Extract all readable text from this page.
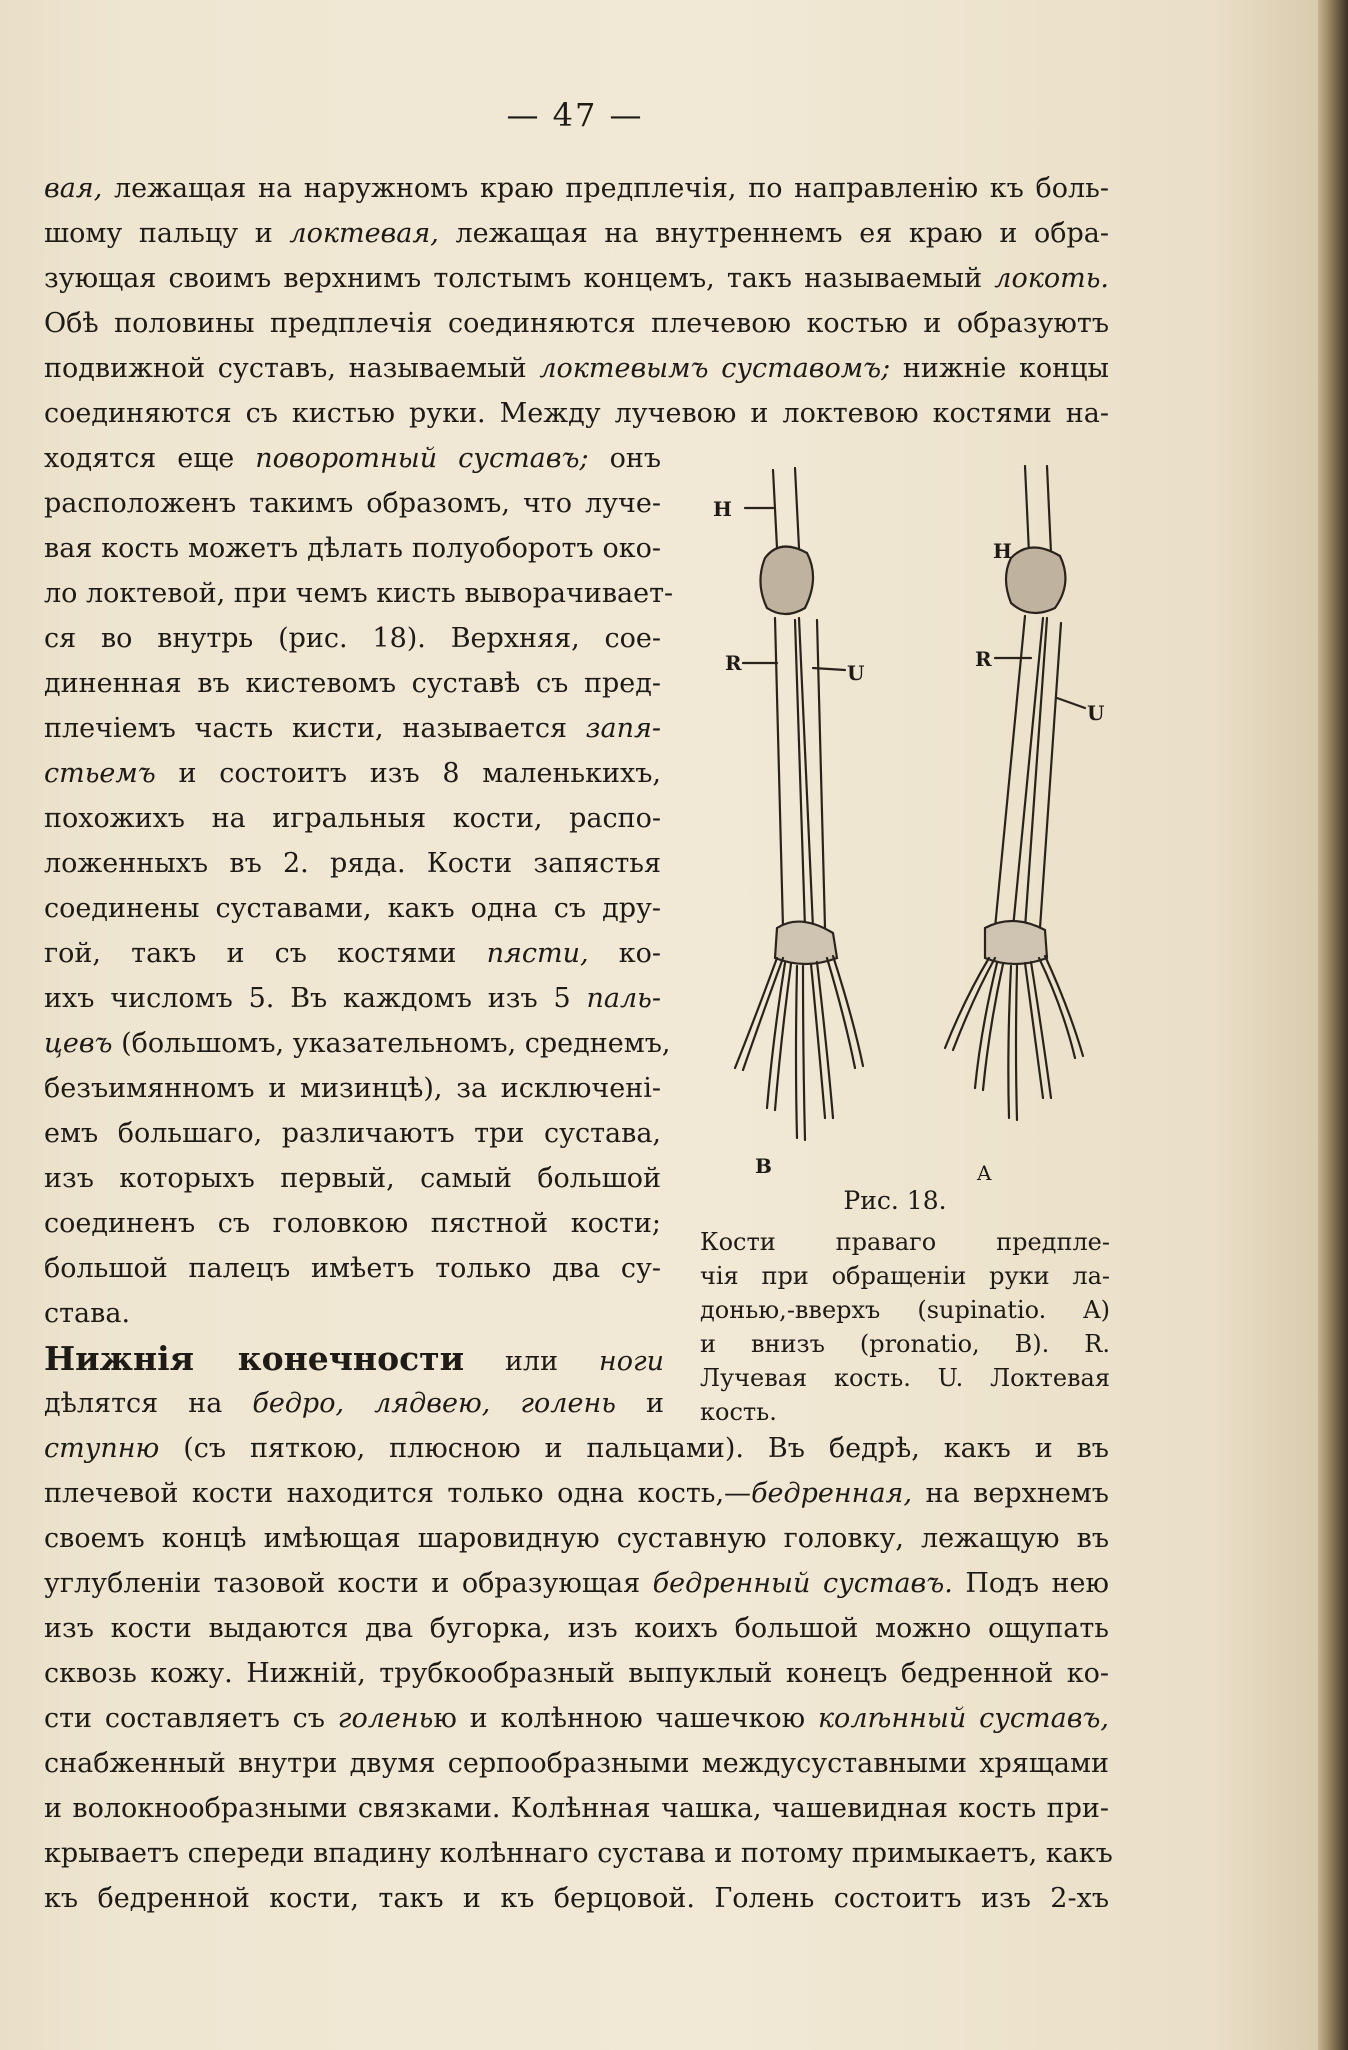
— 47 —
вая, лежащая на наружномъ краю предплечія, по направленію къ боль-
шому пальцу и локтевая, лежащая на внутреннемъ ея краю и обра-
зующая своимъ верхнимъ толстымъ концемъ, такъ называемый локоть.
Обѣ половины предплечія соединяются плечевою костью и образуютъ
подвижной суставъ, называемый локтевымъ суставомъ; нижніе концы
соединяются съ кистью руки. Между лучевою и локтевою костями на-
ходятся еще поворотный суставъ; онъ
расположенъ такимъ образомъ, что луче-
вая кость можетъ дѣлать полуоборотъ око-
ло локтевой, при чемъ кисть выворачивает-
ся во внутрь (рис. 18). Верхняя, сое-
диненная въ кистевомъ суставѣ съ пред-
плечіемъ часть кисти, называется запя-
стьемъ и состоитъ изъ 8 маленькихъ,
похожихъ на игральныя кости, распо-
ложенныхъ въ 2. ряда. Кости запястья
соединены суставами, какъ одна съ дру-
гой, такъ и съ костями пясти, ко-
ихъ числомъ 5. Въ каждомъ изъ 5 паль-
цевъ (большомъ, указательномъ, среднемъ,
безъимянномъ и мизинцѣ), за исключені-
емъ большаго, различаютъ три сустава,
изъ которыхъ первый, самый большой
соединенъ съ головкою пястной кости;
большой палецъ имѣетъ только два су-
става.
Нижнія конечности или ноги
дѣлятся на бедро, лядвею, голень и
ступню (съ пяткою, плюсною и пальцами). Въ бедрѣ, какъ и въ
плечевой кости находится только одна кость,—бедренная, на верхнемъ
своемъ концѣ имѣющая шаровидную суставную головку, лежащую въ
углубленіи тазовой кости и образующая бедренный суставъ. Подъ нею
изъ кости выдаются два бугорка, изъ коихъ большой можно ощупать
сквозь кожу. Нижній, трубкообразный выпуклый конецъ бедренной ко-
сти составляетъ съ голенью и колѣнною чашечкою колѣнный суставъ,
снабженный внутри двумя серпообразными междусуставными хрящами
и волокнообразными связками. Колѣнная чашка, чашевидная кость при-
крываетъ спереди впадину колѣннаго сустава и потому примыкаетъ, какъ
къ бедренной кости, такъ и къ берцовой. Голень состоитъ изъ 2-хъ
H
R	U
H
R
U
B	A
Рис. 18.
Кости праваго предпле-
чія при обращеніи руки ла-
донью,-вверхъ (supinatio. A)
и внизъ (pronatio, B). R.
Лучевая кость. U. Локтевая
кость.
